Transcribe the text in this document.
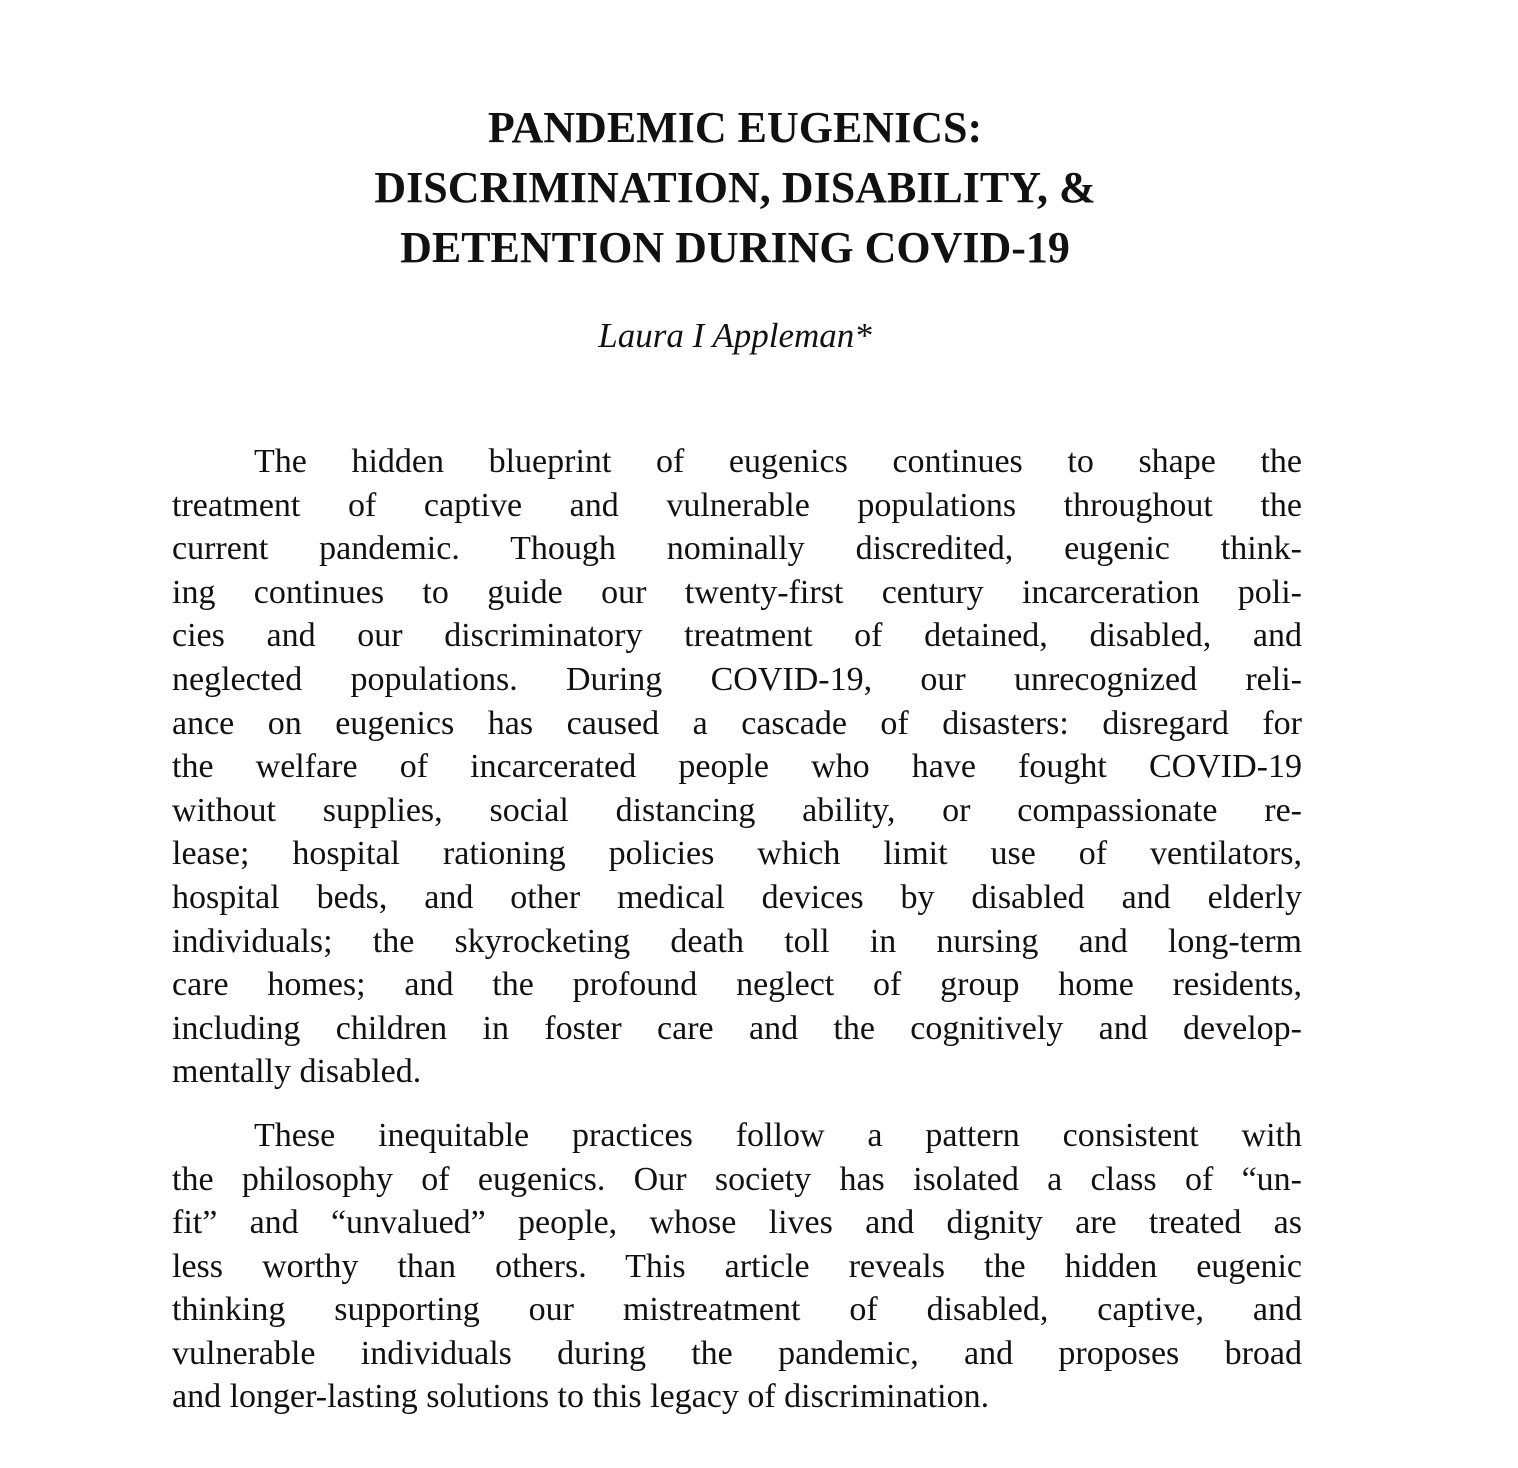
PANDEMIC EUGENICS:
DISCRIMINATION, DISABILITY, &
DETENTION DURING COVID-19

Laura I Appleman*

The hidden blueprint of eugenics continues to shape the
treatment of captive and vulnerable populations throughout the
current pandemic. Though nominally discredited, eugenic think-
ing continues to guide our twenty-first century incarceration poli-
cies and our discriminatory treatment of detained, disabled, and
neglected populations. During COVID-19, our unrecognized reli-
ance on eugenics has caused a cascade of disasters: disregard for
the welfare of incarcerated people who have fought COVID-19
without supplies, social distancing ability, or compassionate re-
lease; hospital rationing policies which limit use of ventilators,
hospital beds, and other medical devices by disabled and elderly
individuals; the skyrocketing death toll in nursing and long-term
care homes; and the profound neglect of group home residents,
including children in foster care and the cognitively and develop-
mentally disabled.

These inequitable practices follow a pattern consistent with
the philosophy of eugenics. Our society has isolated a class of “un-
fit” and “unvalued” people, whose lives and dignity are treated as
less worthy than others. This article reveals the hidden eugenic
thinking supporting our mistreatment of disabled, captive, and
vulnerable individuals during the pandemic, and proposes broad
and longer-lasting solutions to this legacy of discrimination.
